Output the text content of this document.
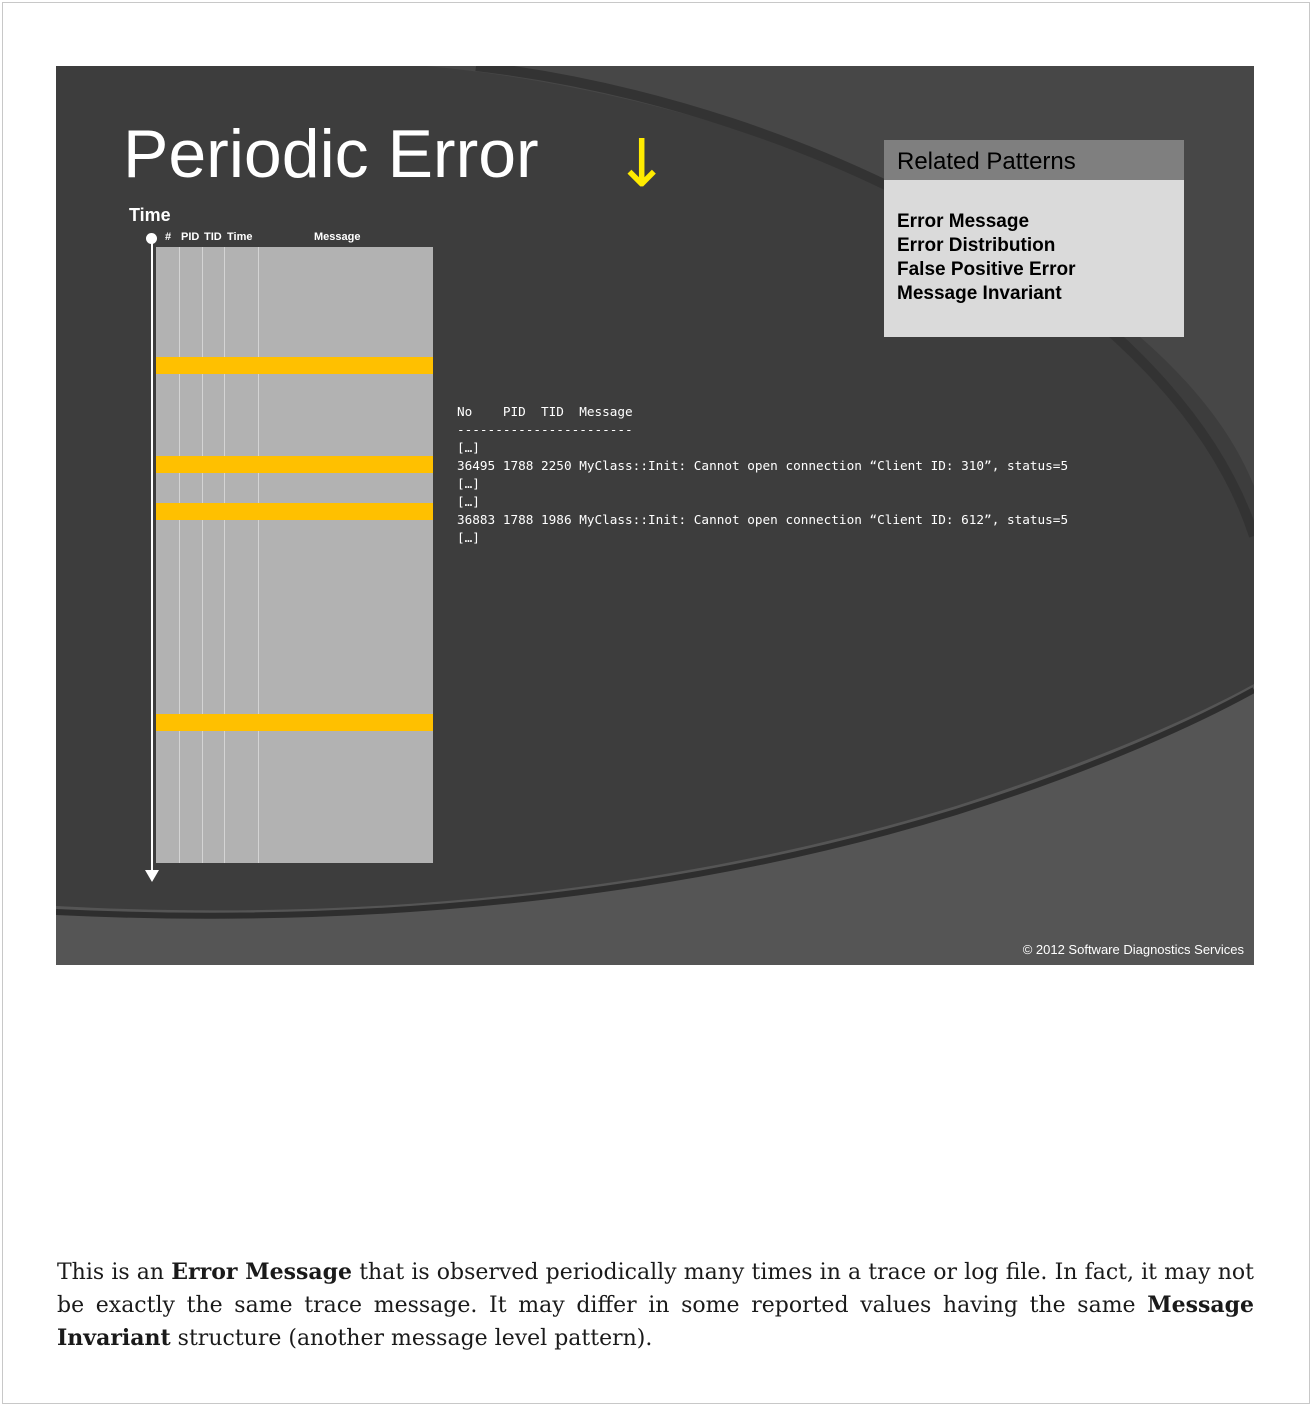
Periodic Error ↓
Time
# PID TID Time	Message
Related Patterns
Error Message
Error Distribution
False Positive Error
Message Invariant
No    PID  TID  Message
-----------------------
[…]
36495 1788 2250 MyClass::Init: Cannot open connection “Client ID: 310”, status=5
[…]
[…]
36883 1788 1986 MyClass::Init: Cannot open connection “Client ID: 612”, status=5
[…]
© 2012 Software Diagnostics Services

This is an Error Message that is observed periodically many times in a trace or log file. In fact, it may not be exactly the same trace message. It may differ in some reported values having the same Message Invariant structure (another message level pattern).
